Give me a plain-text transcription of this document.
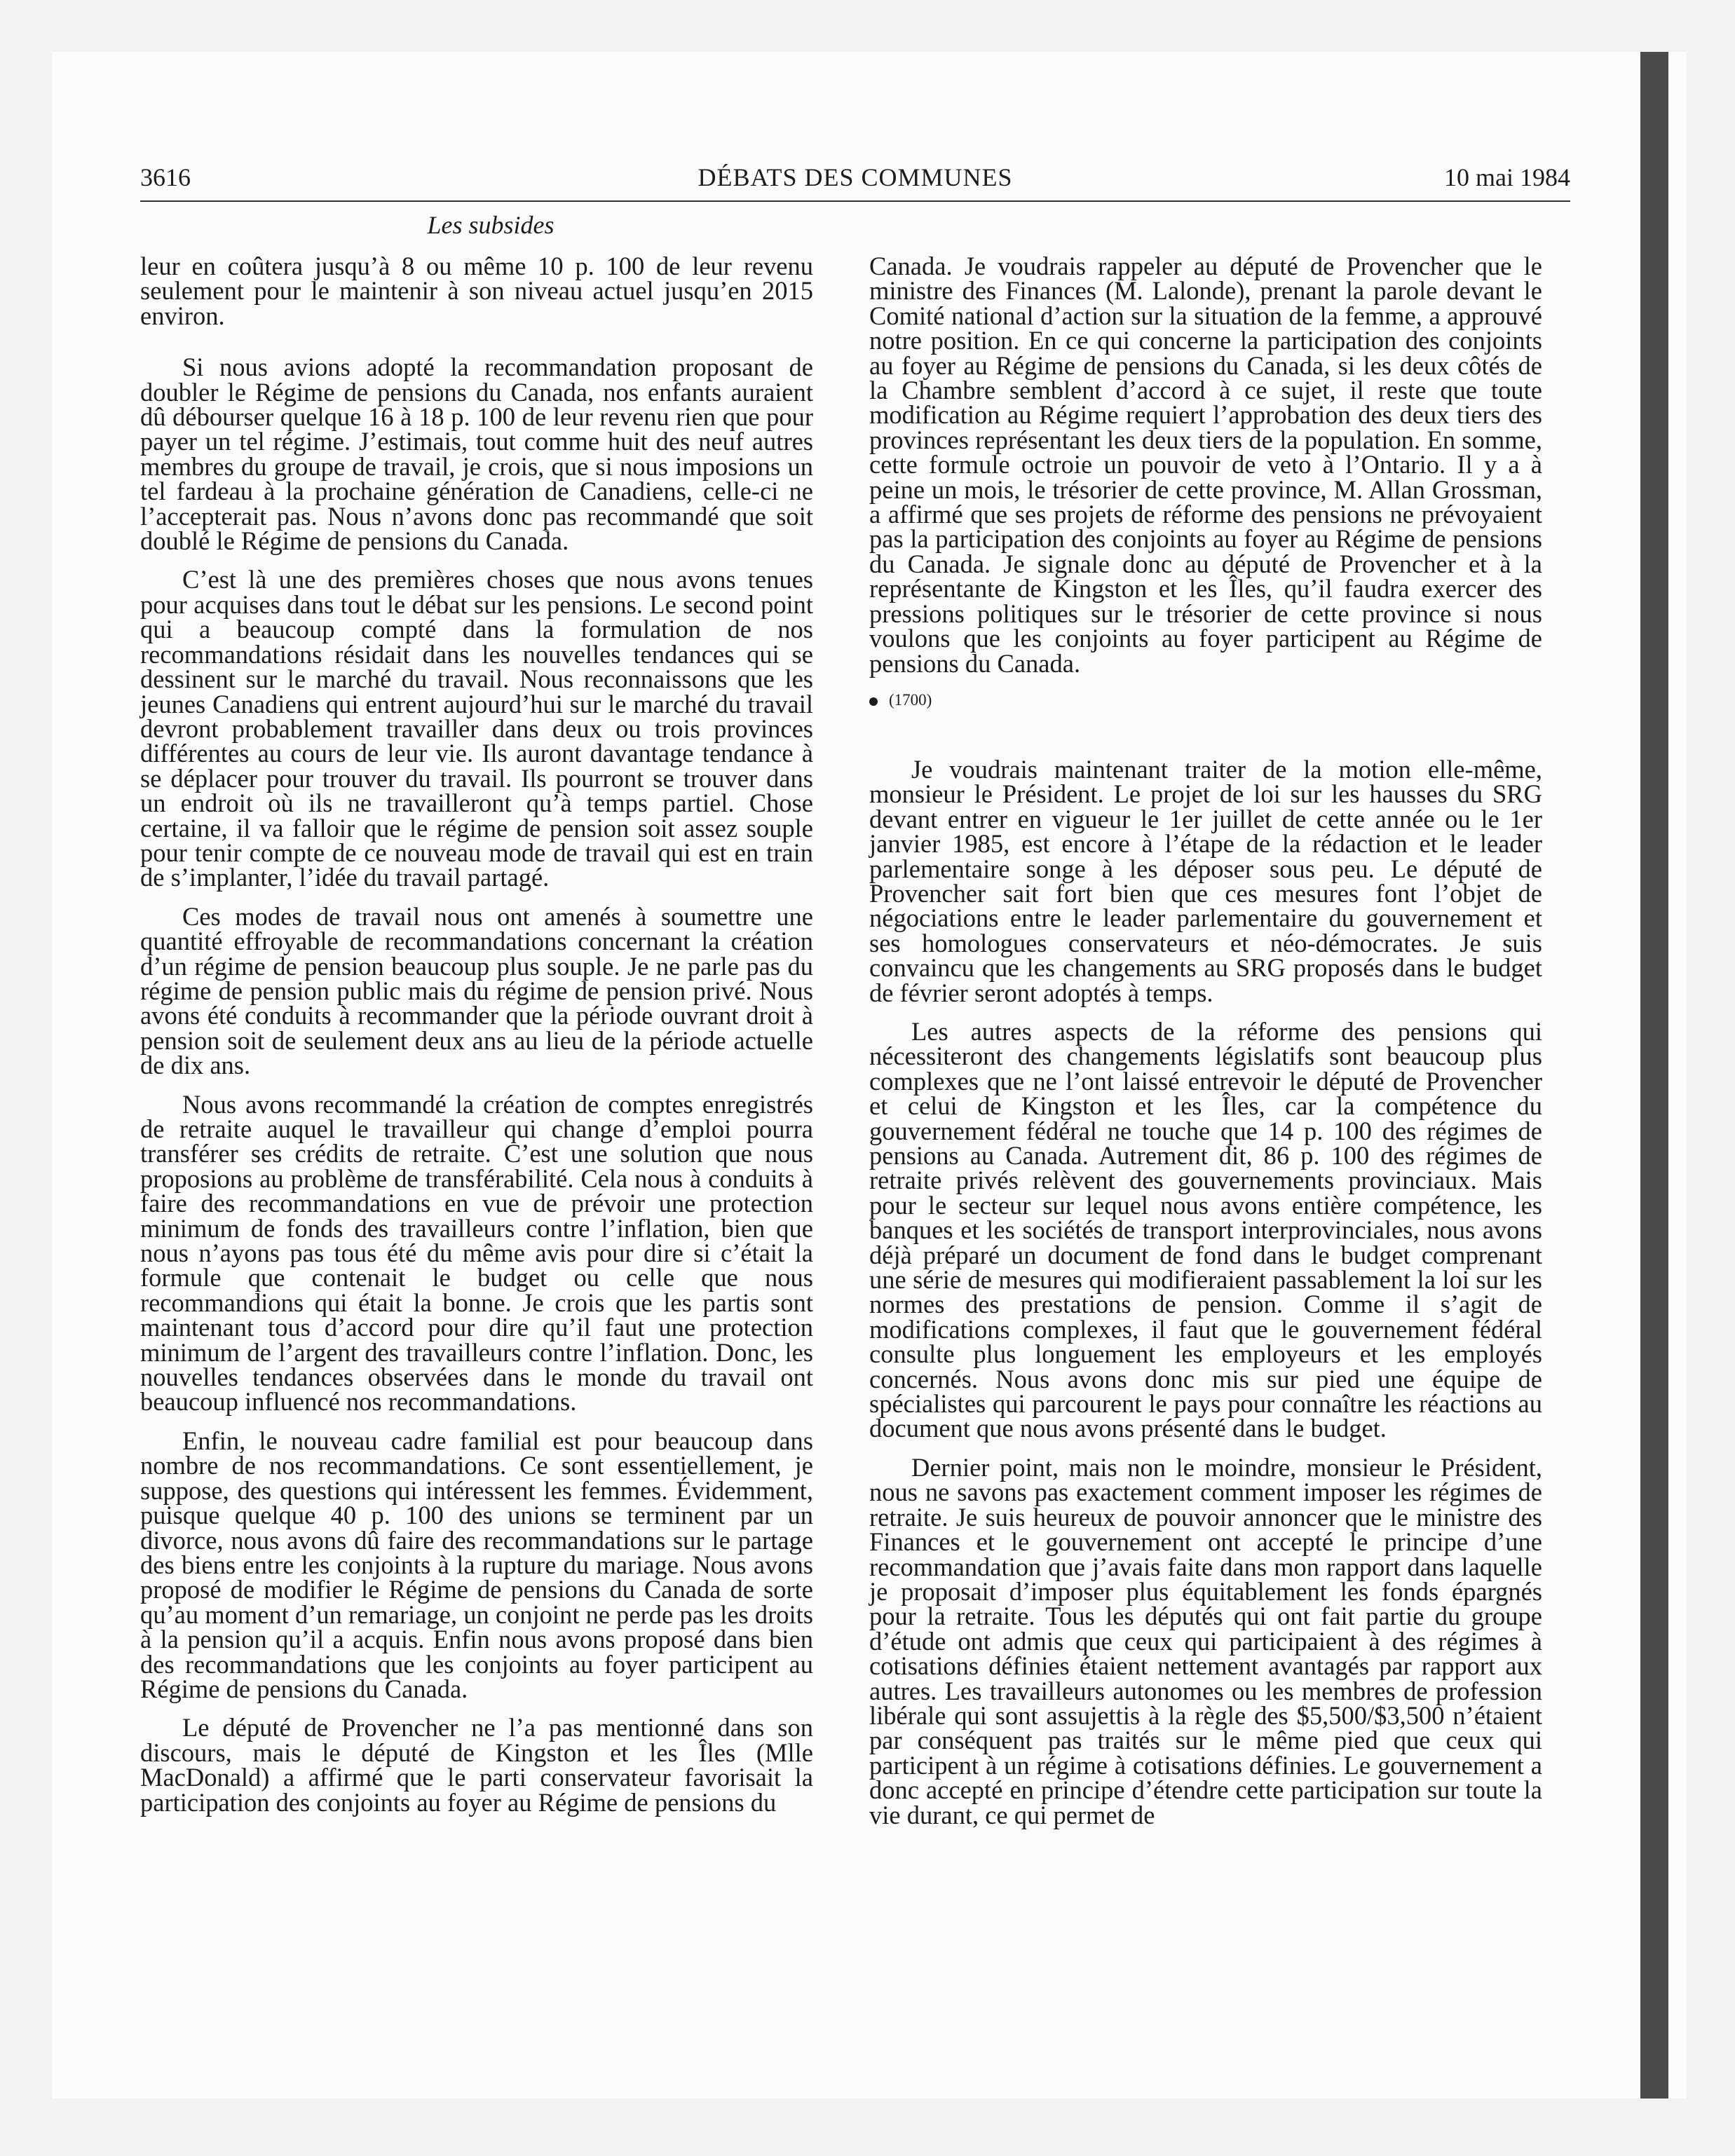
3616	DÉBATS DES COMMUNES	10 mai 1984
Les subsides

leur en coûtera jusqu’à 8 ou même 10 p. 100 de leur revenu seulement pour le maintenir à son niveau actuel jusqu’en 2015 environ.

Si nous avions adopté la recommandation proposant de doubler le Régime de pensions du Canada, nos enfants auraient dû débourser quelque 16 à 18 p. 100 de leur revenu rien que pour payer un tel régime. J’estimais, tout comme huit des neuf autres membres du groupe de travail, je crois, que si nous imposions un tel fardeau à la prochaine génération de Canadiens, celle-ci ne l’accepterait pas. Nous n’avons donc pas recommandé que soit doublé le Régime de pensions du Canada.

C’est là une des premières choses que nous avons tenues pour acquises dans tout le débat sur les pensions. Le second point qui a beaucoup compté dans la formulation de nos recommandations résidait dans les nouvelles tendances qui se dessinent sur le marché du travail. Nous reconnaissons que les jeunes Canadiens qui entrent aujourd’hui sur le marché du travail devront probablement travailler dans deux ou trois provinces différentes au cours de leur vie. Ils auront davantage tendance à se déplacer pour trouver du travail. Ils pourront se trouver dans un endroit où ils ne travailleront qu’à temps partiel. Chose certaine, il va falloir que le régime de pension soit assez souple pour tenir compte de ce nouveau mode de travail qui est en train de s’implanter, l’idée du travail partagé.

Ces modes de travail nous ont amenés à soumettre une quantité effroyable de recommandations concernant la création d’un régime de pension beaucoup plus souple. Je ne parle pas du régime de pension public mais du régime de pension privé. Nous avons été conduits à recommander que la période ouvrant droit à pension soit de seulement deux ans au lieu de la période actuelle de dix ans.

Nous avons recommandé la création de comptes enregistrés de retraite auquel le travailleur qui change d’emploi pourra transférer ses crédits de retraite. C’est une solution que nous proposions au problème de transférabilité. Cela nous à conduits à faire des recommandations en vue de prévoir une protection minimum de fonds des travailleurs contre l’inflation, bien que nous n’ayons pas tous été du même avis pour dire si c’était la formule que contenait le budget ou celle que nous recommandions qui était la bonne. Je crois que les partis sont maintenant tous d’accord pour dire qu’il faut une protection minimum de l’argent des travailleurs contre l’inflation. Donc, les nouvelles tendances observées dans le monde du travail ont beaucoup influencé nos recommandations.

Enfin, le nouveau cadre familial est pour beaucoup dans nombre de nos recommandations. Ce sont essentiellement, je suppose, des questions qui intéressent les femmes. Évidemment, puisque quelque 40 p. 100 des unions se terminent par un divorce, nous avons dû faire des recommandations sur le partage des biens entre les conjoints à la rupture du mariage. Nous avons proposé de modifier le Régime de pensions du Canada de sorte qu’au moment d’un remariage, un conjoint ne perde pas les droits à la pension qu’il a acquis. Enfin nous avons proposé dans bien des recommandations que les conjoints au foyer participent au Régime de pensions du Canada.

Le député de Provencher ne l’a pas mentionné dans son discours, mais le député de Kingston et les Îles (Mlle MacDonald) a affirmé que le parti conservateur favorisait la participation des conjoints au foyer au Régime de pensions du

Canada. Je voudrais rappeler au député de Provencher que le ministre des Finances (M. Lalonde), prenant la parole devant le Comité national d’action sur la situation de la femme, a approuvé notre position. En ce qui concerne la participation des conjoints au foyer au Régime de pensions du Canada, si les deux côtés de la Chambre semblent d’accord à ce sujet, il reste que toute modification au Régime requiert l’approbation des deux tiers des provinces représentant les deux tiers de la population. En somme, cette formule octroie un pouvoir de veto à l’Ontario. Il y a à peine un mois, le trésorier de cette province, M. Allan Grossman, a affirmé que ses projets de réforme des pensions ne prévoyaient pas la participation des conjoints au foyer au Régime de pensions du Canada. Je signale donc au député de Provencher et à la représentante de Kingston et les Îles, qu’il faudra exercer des pressions politiques sur le trésorier de cette province si nous voulons que les conjoints au foyer participent au Régime de pensions du Canada.

(1700)

Je voudrais maintenant traiter de la motion elle-même, monsieur le Président. Le projet de loi sur les hausses du SRG devant entrer en vigueur le 1er juillet de cette année ou le 1er janvier 1985, est encore à l’étape de la rédaction et le leader parlementaire songe à les déposer sous peu. Le député de Provencher sait fort bien que ces mesures font l’objet de négociations entre le leader parlementaire du gouvernement et ses homologues conservateurs et néo-démocrates. Je suis convaincu que les changements au SRG proposés dans le budget de février seront adoptés à temps.

Les autres aspects de la réforme des pensions qui nécessiteront des changements législatifs sont beaucoup plus complexes que ne l’ont laissé entrevoir le député de Provencher et celui de Kingston et les Îles, car la compétence du gouvernement fédéral ne touche que 14 p. 100 des régimes de pensions au Canada. Autrement dit, 86 p. 100 des régimes de retraite privés relèvent des gouvernements provinciaux. Mais pour le secteur sur lequel nous avons entière compétence, les banques et les sociétés de transport interprovinciales, nous avons déjà préparé un document de fond dans le budget comprenant une série de mesures qui modifieraient passablement la loi sur les normes des prestations de pension. Comme il s’agit de modifications complexes, il faut que le gouvernement fédéral consulte plus longuement les employeurs et les employés concernés. Nous avons donc mis sur pied une équipe de spécialistes qui parcourent le pays pour connaître les réactions au document que nous avons présenté dans le budget.

Dernier point, mais non le moindre, monsieur le Président, nous ne savons pas exactement comment imposer les régimes de retraite. Je suis heureux de pouvoir annoncer que le ministre des Finances et le gouvernement ont accepté le principe d’une recommandation que j’avais faite dans mon rapport dans laquelle je proposait d’imposer plus équitablement les fonds épargnés pour la retraite. Tous les députés qui ont fait partie du groupe d’étude ont admis que ceux qui participaient à des régimes à cotisations définies étaient nettement avantagés par rapport aux autres. Les travailleurs autonomes ou les membres de profession libérale qui sont assujettis à la règle des $5,500/$3,500 n’étaient par conséquent pas traités sur le même pied que ceux qui participent à un régime à cotisations définies. Le gouvernement a donc accepté en principe d’étendre cette participation sur toute la vie durant, ce qui permet de
